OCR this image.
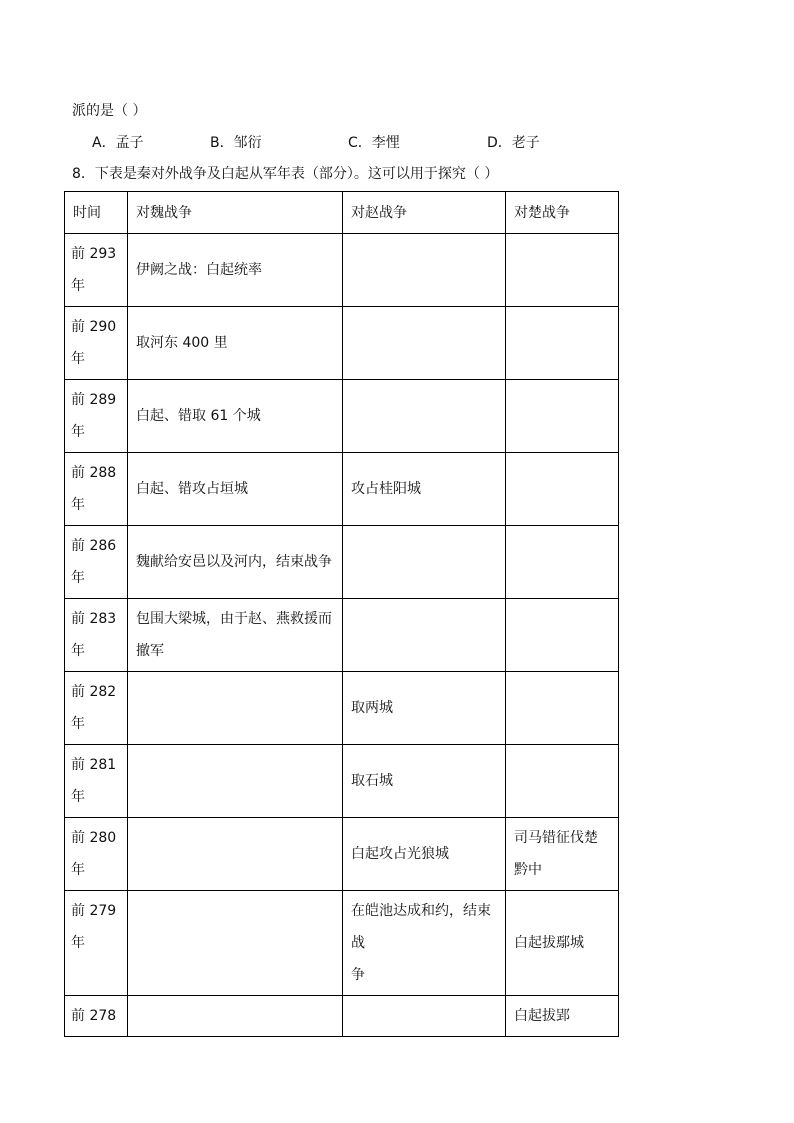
派的是（ ）
A．孟子	B．邹衍	C．李悝	D．老子
8．下表是秦对外战争及白起从军年表（部分）。这可以用于探究（ ）
时间	对魏战争	对赵战争	对楚战争

前 293
年	伊阙之战：白起统率		

前 290
年	取河东 400 里		

前 289
年	白起、错取 61 个城		

前 288
年	白起、错攻占垣城	攻占桂阳城	

前 286
年	魏献给安邑以及河内，结束战争		

前 283
年	包围大梁城，由于赵、燕救援而
撤军		

前 282
年		取两城	

前 281
年		取石城	

前 280
年		白起攻占光狼城	司马错征伐楚
黔中

前 279
年		在皑池达成和约，结束战
争	白起拔鄢城

前 278			白起拔郢
